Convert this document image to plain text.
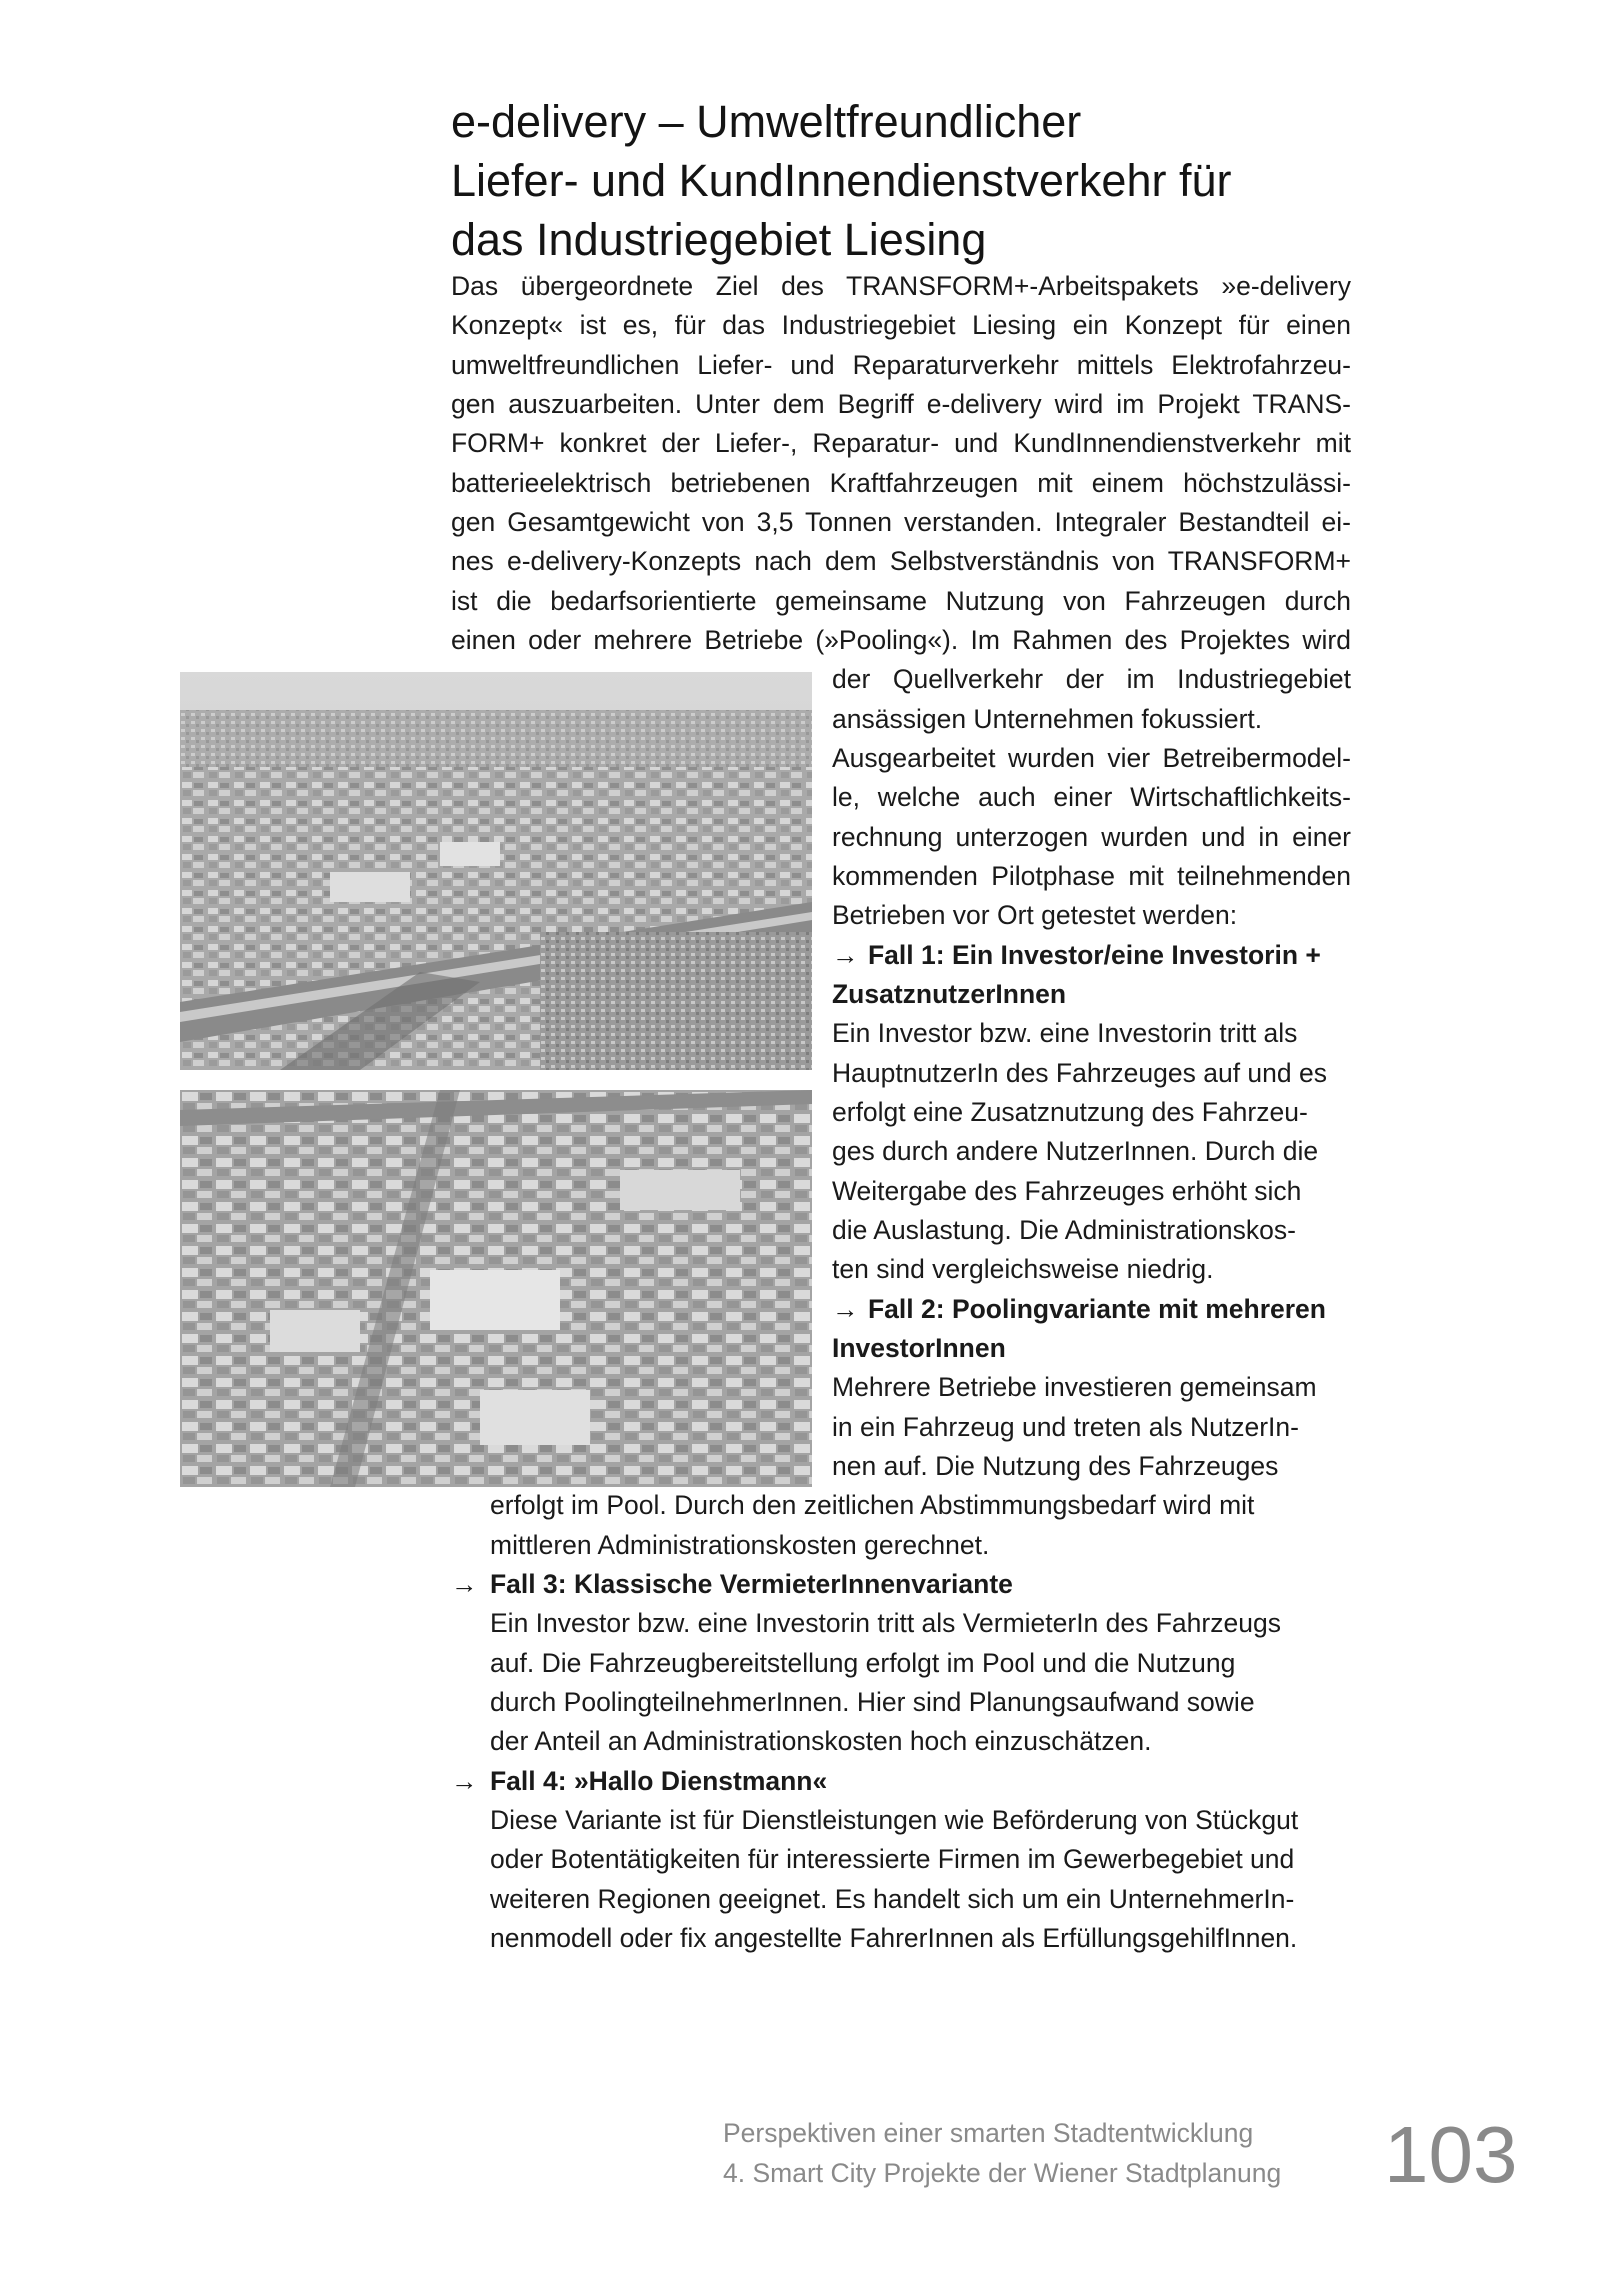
e-delivery – Umweltfreundlicher
Liefer- und KundInnendienstverkehr für
das Industriegebiet Liesing
Das übergeordnete Ziel des TRANSFORM+-Arbeitspakets »e-delivery
Konzept« ist es, für das Industriegebiet Liesing ein Konzept für einen
umweltfreundlichen Liefer- und Reparaturverkehr mittels Elektrofahrzeu-
gen auszuarbeiten. Unter dem Begriff e-delivery wird im Projekt TRANS-
FORM+ konkret der Liefer-, Reparatur- und KundInnendienstverkehr mit
batterieelektrisch betriebenen Kraftfahrzeugen mit einem höchstzulässi-
gen Gesamtgewicht von 3,5 Tonnen verstanden. Integraler Bestandteil ei-
nes e-delivery-Konzepts nach dem Selbstverständnis von TRANSFORM+
ist die bedarfsorientierte gemeinsame Nutzung von Fahrzeugen durch
einen oder mehrere Betriebe (»Pooling«). Im Rahmen des Projektes wird
der Quellverkehr der im Industriegebiet
ansässigen Unternehmen fokussiert.
Ausgearbeitet wurden vier Betreibermodel-
le, welche auch einer Wirtschaftlichkeits-
rechnung unterzogen wurden und in einer
kommenden Pilotphase mit teilnehmenden
Betrieben vor Ort getestet werden:
→ Fall 1: Ein Investor/eine Investorin +
ZusatznutzerInnen
Ein Investor bzw. eine Investorin tritt als
HauptnutzerIn des Fahrzeuges auf und es
erfolgt eine Zusatznutzung des Fahrzeu-
ges durch andere NutzerInnen. Durch die
Weitergabe des Fahrzeuges erhöht sich
die Auslastung. Die Administrationskos-
ten sind vergleichsweise niedrig.
→ Fall 2: Poolingvariante mit mehreren
InvestorInnen
Mehrere Betriebe investieren gemeinsam
in ein Fahrzeug und treten als NutzerIn-
nen auf. Die Nutzung des Fahrzeuges
erfolgt im Pool. Durch den zeitlichen Abstimmungsbedarf wird mit
mittleren Administrationskosten gerechnet.
→ Fall 3: Klassische VermieterInnenvariante
Ein Investor bzw. eine Investorin tritt als VermieterIn des Fahrzeugs
auf. Die Fahrzeugbereitstellung erfolgt im Pool und die Nutzung
durch PoolingteilnehmerInnen. Hier sind Planungsaufwand sowie
der Anteil an Administrationskosten hoch einzuschätzen.
→ Fall 4: »Hallo Dienstmann«
Diese Variante ist für Dienstleistungen wie Beförderung von Stückgut
oder Botentätigkeiten für interessierte Firmen im Gewerbegebiet und
weiteren Regionen geeignet. Es handelt sich um ein UnternehmerIn-
nenmodell oder fix angestellte FahrerInnen als ErfüllungsgehilfInnen.
Perspektiven einer smarten Stadtentwicklung
4. Smart City Projekte der Wiener Stadtplanung 103
